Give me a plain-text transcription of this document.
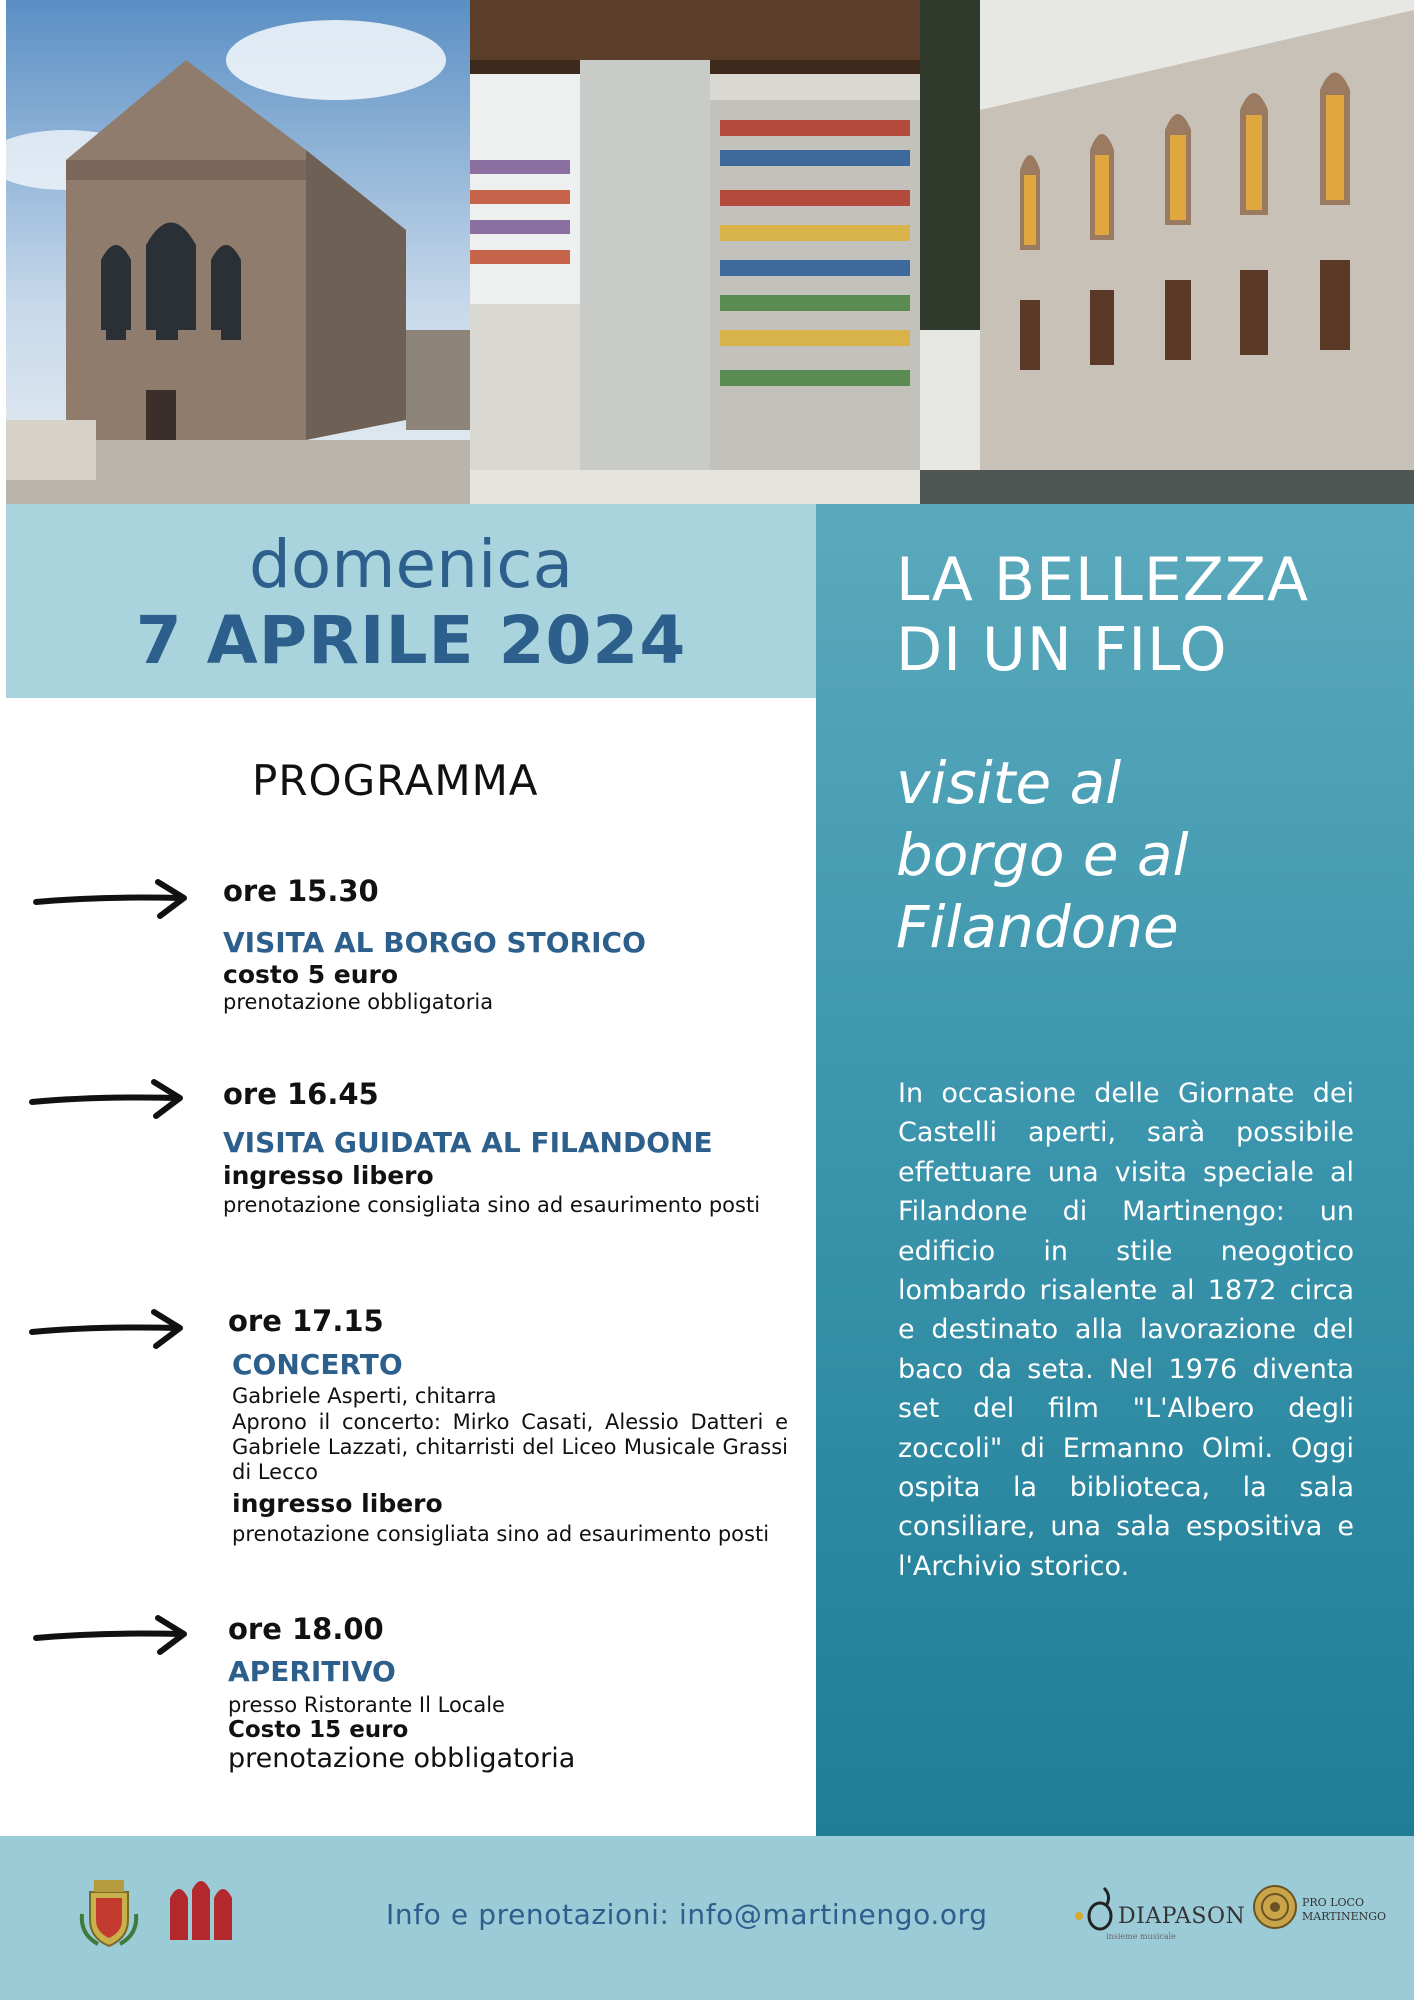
domenica
7 APRILE 2024
LA BELLEZZA
DI UN FILO
visite al
borgo e al
Filandone
In occasione delle Giornate dei Castelli aperti, sarà possibile effettuare una visita speciale al Filandone di Martinengo: un edificio in stile neogotico lombardo risalente al 1872 circa e destinato alla lavorazione del baco da seta. Nel 1976 diventa set del film "L'Albero degli zoccoli" di Ermanno Olmi. Oggi ospita la biblioteca, la sala consiliare, una sala espositiva e l'Archivio storico.
PROGRAMMA
ore 15.30
VISITA AL BORGO STORICO
costo 5 euro
prenotazione obbligatoria
ore 16.45
VISITA GUIDATA AL FILANDONE
ingresso libero
prenotazione consigliata sino ad esaurimento posti
ore 17.15
CONCERTO
Gabriele Asperti, chitarra
Aprono il concerto: Mirko Casati, Alessio Datteri e Gabriele Lazzati, chitarristi del Liceo Musicale Grassi di Lecco
ingresso libero
prenotazione consigliata sino ad esaurimento posti
ore 18.00
APERITIVO
presso Ristorante Il Locale
Costo 15 euro
prenotazione obbligatoria
Info e prenotazioni: info@martinengo.org	DIAPASON
insieme musicale
PRO LOCO
MARTINENGO
